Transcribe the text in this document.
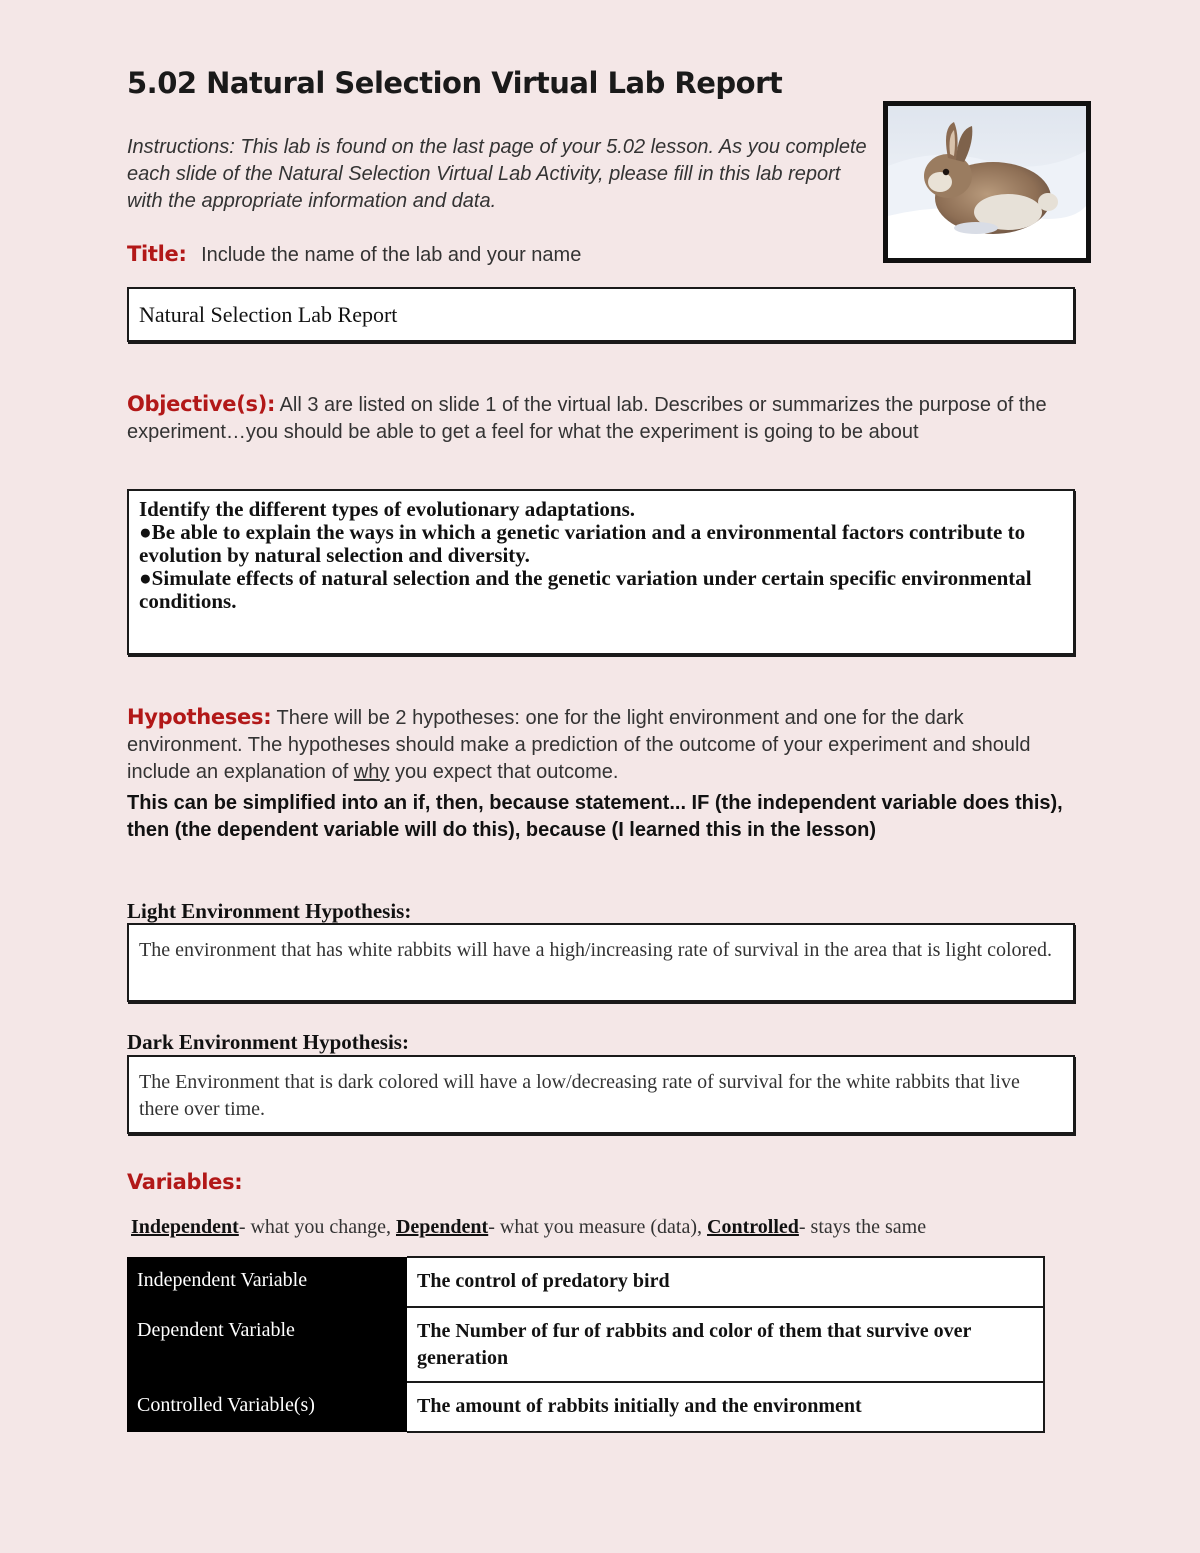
5.02 Natural Selection Virtual Lab Report
Instructions: This lab is found on the last page of your 5.02 lesson. As you complete each slide of the Natural Selection Virtual Lab Activity, please fill in this lab report with the appropriate information and data.
Title: Include the name of the lab and your name
Natural Selection Lab Report
Objective(s): All 3 are listed on slide 1 of the virtual lab. Describes or summarizes the purpose of the experiment…you should be able to get a feel for what the experiment is going to be about
Identify the different types of evolutionary adaptations.
●Be able to explain the ways in which a genetic variation and a environmental factors contribute to evolution by natural selection and diversity.
●Simulate effects of natural selection and the genetic variation under certain specific environmental conditions.
Hypotheses: There will be 2 hypotheses: one for the light environment and one for the dark environment. The hypotheses should make a prediction of the outcome of your experiment and should include an explanation of why you expect that outcome.
This can be simplified into an if, then, because statement... IF (the independent variable does this), then (the dependent variable will do this), because (I learned this in the lesson)
Light Environment Hypothesis:
The environment that has white rabbits will have a high/increasing rate of survival in the area that is light colored.
Dark Environment Hypothesis:
The Environment that is dark colored will have a low/decreasing rate of survival for the white rabbits that live there over time.
Variables:
Independent- what you change, Dependent- what you measure (data), Controlled- stays the same
Independent Variable	The control of predatory bird
Dependent Variable	The Number of fur of rabbits and color of them that survive over generation
Controlled Variable(s)	The amount of rabbits initially and the environment
